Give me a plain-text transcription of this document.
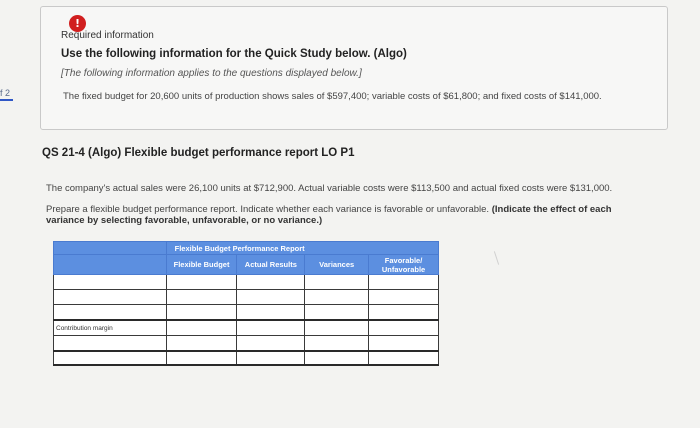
f 2
!
Required information
Use the following information for the Quick Study below. (Algo)
[The following information applies to the questions displayed below.]
The fixed budget for 20,600 units of production shows sales of $597,400; variable costs of $61,800; and fixed costs of $141,000.
QS 21-4 (Algo) Flexible budget performance report LO P1
The company's actual sales were 26,100 units at $712,900. Actual variable costs were $113,500 and actual fixed costs were $131,000.
Prepare a flexible budget performance report. Indicate whether each variance is favorable or unfavorable. (Indicate the effect of each variance by selecting favorable, unfavorable, or no variance.)
	Flexible Budget Performance Report			
	Flexible Budget	Actual Results	Variances	Favorable/ Unfavorable

Contribution margin				
